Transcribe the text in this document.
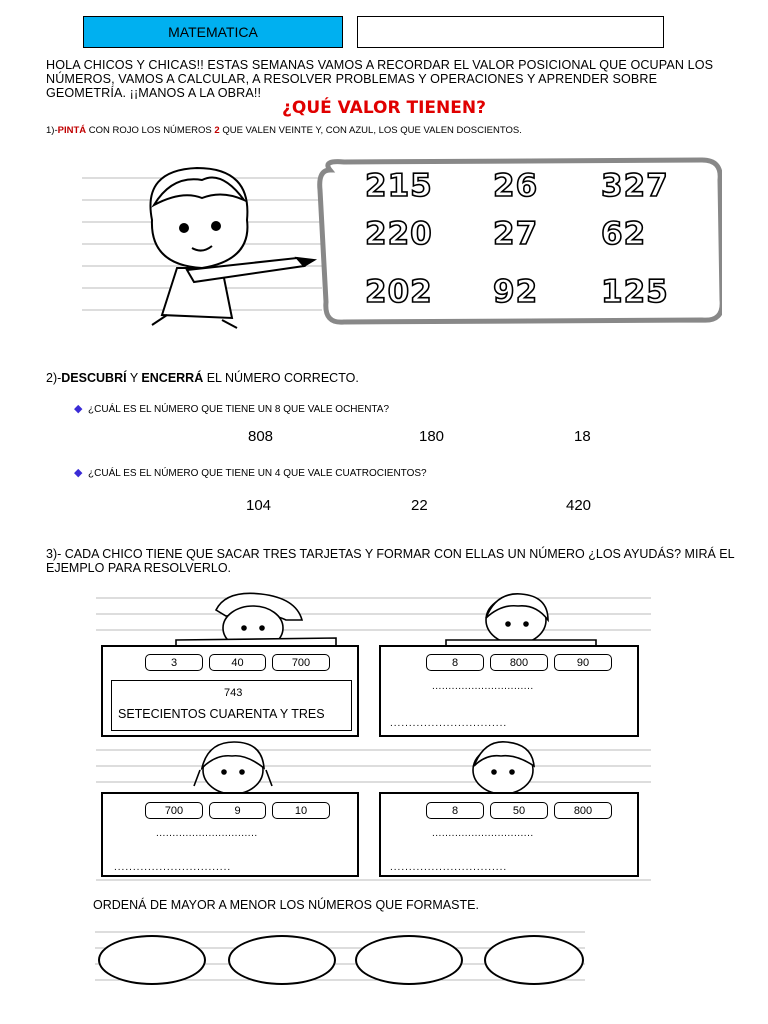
MATEMATICA
HOLA CHICOS Y CHICAS!! ESTAS SEMANAS VAMOS A RECORDAR EL VALOR POSICIONAL QUE OCUPAN LOS NÚMEROS, VAMOS A CALCULAR, A RESOLVER PROBLEMAS Y OPERACIONES Y APRENDER SOBRE GEOMETRÍA. ¡¡MANOS A LA OBRA!!
¿QUÉ VALOR TIENEN?
1)-PINTÁ CON ROJO LOS NÚMEROS 2 QUE VALEN VEINTE Y, CON AZUL, LOS QUE VALEN DOSCIENTOS.
215 26 327
220 27 62
202 92 125
2)-DESCUBRÍ Y ENCERRÁ EL NÚMERO CORRECTO.
◆ ¿CUÁL ES EL NÚMERO QUE TIENE UN 8 QUE VALE OCHENTA?
808	180	18
◆ ¿CUÁL ES EL NÚMERO QUE TIENE UN 4 QUE VALE CUATROCIENTOS?
104	22	420
3)- CADA CHICO TIENE QUE SACAR TRES TARJETAS Y FORMAR CON ELLAS UN NÚMERO ¿LOS AYUDÁS? MIRÁ EL EJEMPLO PARA RESOLVERLO.
3	40	700
743
SETECIENTOS CUARENTA Y TRES
8	800	90
...............................
...............................
700	9	10
...............................
...............................
8	50	800
...............................
...............................
ORDENÁ DE MAYOR A MENOR LOS NÚMEROS QUE FORMASTE.
